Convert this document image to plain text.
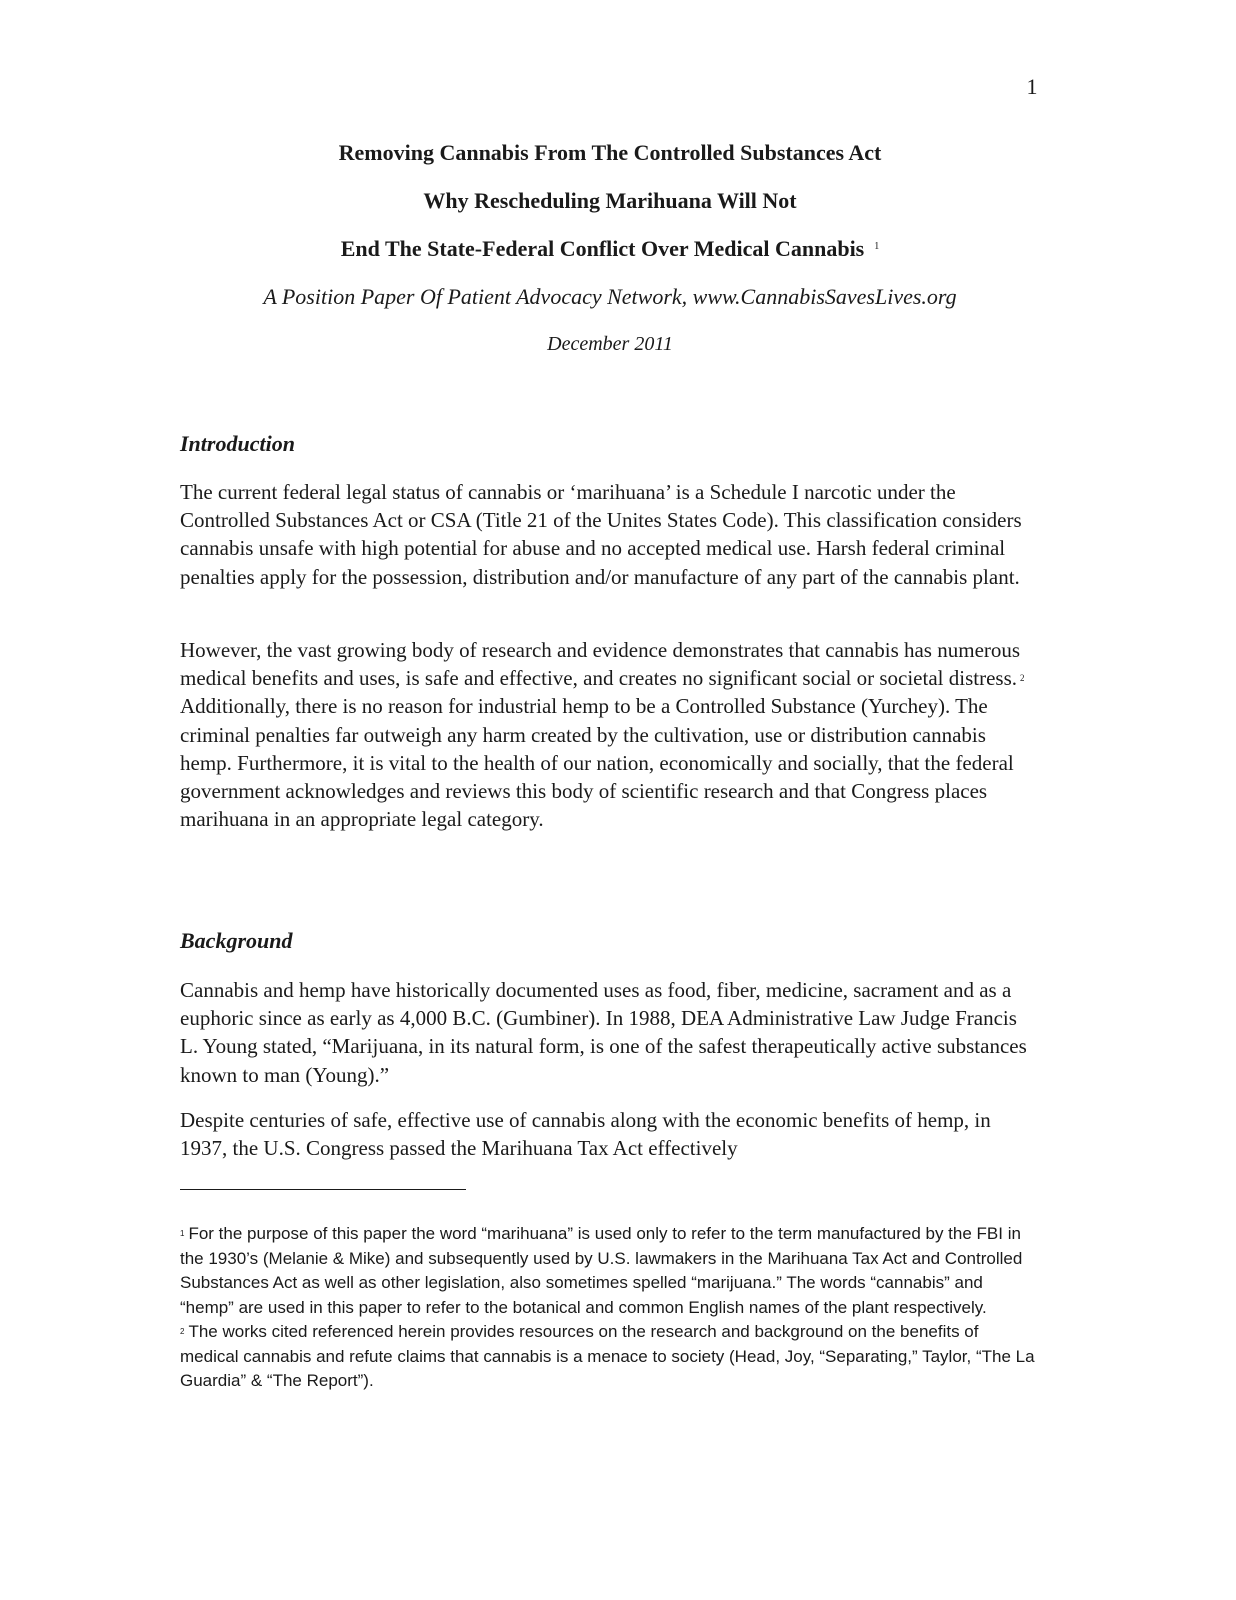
1

Removing Cannabis From The Controlled Substances Act

Why Rescheduling Marihuana Will Not

End The State-Federal Conflict Over Medical Cannabis $^1$

A Position Paper Of Patient Advocacy Network, www.CannabisSavesLives.org

December 2011

Introduction

The current federal legal status of cannabis or ‘marihuana’ is a Schedule I narcotic under the Controlled Substances Act or CSA (Title 21 of the Unites States Code). This classification considers cannabis unsafe with high potential for abuse and no accepted medical use. Harsh federal criminal penalties apply for the possession, distribution and/or manufacture of any part of the cannabis plant.

However, the vast growing body of research and evidence demonstrates that cannabis has numerous medical benefits and uses, is safe and effective, and creates no significant social or societal distress. $^2$ Additionally, there is no reason for industrial hemp to be a Controlled Substance (Yurchey). The criminal penalties far outweigh any harm created by the cultivation, use or distribution cannabis hemp. Furthermore, it is vital to the health of our nation, economically and socially, that the federal government acknowledges and reviews this body of scientific research and that Congress places marihuana in an appropriate legal category.

Background

Cannabis and hemp have historically documented uses as food, fiber, medicine, sacrament and as a euphoric since as early as 4,000 B.C. (Gumbiner). In 1988, DEA Administrative Law Judge Francis L. Young stated, “Marijuana, in its natural form, is one of the safest therapeutically active substances known to man (Young).”

Despite centuries of safe, effective use of cannabis along with the economic benefits of hemp, in 1937, the U.S. Congress passed the Marihuana Tax Act effectively

$^1$ For the purpose of this paper the word “marihuana” is used only to refer to the term manufactured by the FBI in the 1930’s (Melanie & Mike) and subsequently used by U.S. lawmakers in the Marihuana Tax Act and Controlled Substances Act as well as other legislation, also sometimes spelled “marijuana.” The words “cannabis” and “hemp” are used in this paper to refer to the botanical and common English names of the plant respectively.

$^2$ The works cited referenced herein provides resources on the research and background on the benefits of medical cannabis and refute claims that cannabis is a menace to society (Head, Joy, “Separating,” Taylor, “The La Guardia” & “The Report”).
